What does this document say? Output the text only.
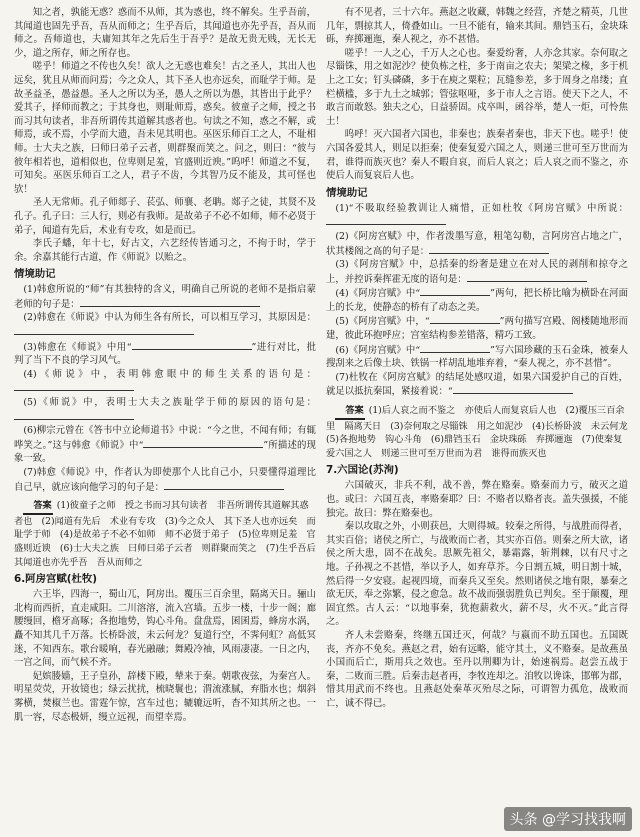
知之者，孰能无惑？惑而不从师，其为惑也，终不解矣。生乎吾前，其闻道也固先乎吾，吾从而师之；生乎吾后，其闻道也亦先乎吾，吾从而师之。吾师道也，夫庸知其年之先后生于吾乎？是故无贵无贱，无长无少，道之所存，师之所存也。

嗟乎！师道之不传也久矣！欲人之无惑也难矣！古之圣人，其出人也远矣，犹且从师而问焉；今之众人，其下圣人也亦远矣，而耻学于师。是故圣益圣，愚益愚。圣人之所以为圣，愚人之所以为愚，其皆出于此乎？爱其子，择师而教之；于其身也，则耻师焉，惑矣。彼童子之师，授之书而习其句读者，非吾所谓传其道解其惑者也。句读之不知，惑之不解，或师焉，或不焉，小学而大遗，吾未见其明也。巫医乐师百工之人，不耻相师。士大夫之族，曰师曰弟子云者，则群聚而笑之。问之，则曰：“彼与彼年相若也，道相似也，位卑则足羞，官盛则近谀。”呜呼！师道之不复，可知矣。巫医乐师百工之人，君子不齿，今其智乃反不能及，其可怪也欤！

圣人无常师。孔子师郯子、苌弘、师襄、老聃。郯子之徒，其贤不及孔子。孔子曰：三人行，则必有我师。是故弟子不必不如师，师不必贤于弟子，闻道有先后，术业有专攻，如是而已。

李氏子蟠，年十七，好古文，六艺经传皆通习之，不拘于时，学于余。余嘉其能行古道，作《师说》以贻之。

情境助记

(1)韩愈所说的“师”有其独特的含义，明确自己所说的老师不是指启蒙老师的句子是：

(2)韩愈在《师说》中认为师生各有所长，可以相互学习，其原因是：

(3)韩愈在《师说》中用“	”进行对比，批判了当下不良的学习风气。

(4)《师说》中，表明韩愈眼中的师生关系的语句是：

(5)《师说》中，表明士大夫之族耻学于师的原因的语句是：

(6)柳宗元曾在《答韦中立论师道书》中说：“今之世，不闻有师；有辄哗笑之。”这与韩愈《师说》中“	”所描述的现象一致。

(7)韩愈《师说》中，作者认为即使那个人比自己小，只要懂得道理比自己早，就应该向他学习的句子是：

答案 (1)彼童子之师　授之书而习其句读者　非吾所谓传其道解其惑者也　(2)闻道有先后　术业有专攻　(3)今之众人　其下圣人也亦远矣　而耻学于师　(4)是故弟子不必不如师　师不必贤于弟子　(5)位卑则足羞　官盛则近谀　(6)士大夫之族　曰师曰弟子云者　则群聚而笑之　(7)生乎吾后　其闻道也亦先乎吾　吾从而师之

6.阿房宫赋(杜牧)

六王毕，四海一，蜀山兀，阿房出。覆压三百余里，隔离天日。骊山北构而西折，直走咸阳。二川溶溶，流入宫墙。五步一楼，十步一阁；廊腰缦回，檐牙高啄；各抱地势，钩心斗角。盘盘焉，囷囷焉，蜂房水涡，矗不知其几千万落。长桥卧波，未云何龙？复道行空，不霁何虹？高低冥迷，不知西东。歌台暖响，春光融融；舞殿冷袖，风雨凄凄。一日之内，一宫之间，而气候不齐。

妃嫔媵嫱，王子皇孙，辞楼下殿，辇来于秦。朝歌夜弦，为秦宫人。明星荧荧，开妆镜也；绿云扰扰，梳晓鬟也；渭流涨腻，弃脂水也；烟斜雾横，焚椒兰也。雷霆乍惊，宫车过也；辘辘远听，杳不知其所之也。一肌一容，尽态极妍，缦立远视，而望幸焉。

有不见者，三十六年。燕赵之收藏，韩魏之经营，齐楚之精英，几世几年，剽掠其人，倚叠如山。一旦不能有，输来其间。鼎铛玉石，金块珠砾，弃掷逦迤，秦人视之，亦不甚惜。

嗟乎！一人之心，千万人之心也。秦爱纷奢，人亦念其家。奈何取之尽锱铢，用之如泥沙？使负栋之柱，多于南亩之农夫；架梁之椽，多于机上之工女；钉头磷磷，多于在庾之粟粒；瓦缝参差，多于周身之帛缕；直栏横槛，多于九土之城郭；管弦呕哑，多于市人之言语。使天下之人，不敢言而敢怒。独夫之心，日益骄固。戍卒叫，函谷举，楚人一炬，可怜焦土！

呜呼！灭六国者六国也，非秦也；族秦者秦也，非天下也。嗟乎！使六国各爱其人，则足以拒秦；使秦复爱六国之人，则递三世可至万世而为君，谁得而族灭也？秦人不暇自哀，而后人哀之；后人哀之而不鉴之，亦使后人而复哀后人也。

情境助记

(1)“不吸取经验教训让人痛惜，正如杜牧《阿房宫赋》中所说：

(2)《阿房宫赋》中，作者泼墨写意，粗笔勾勒，言阿房宫占地之广，状其楼阁之高的句子是：

(3)《阿房宫赋》中，总括秦的纷奢是建立在对人民的剥削和掠夺之上，并控诉秦挥霍无度的语句是：

(4)《阿房宫赋》中“	”两句，把长桥比喻为横卧在河面上的长龙，使静态的桥有了动态之美。

(5)《阿房宫赋》中，“	”两句描写宫殿、阁楼随地形而建，彼此环抱呼应；宫室结构参差错落，精巧工致。

(6)《阿房宫赋》中“	”写六国珍藏的玉石金珠，被秦人搜刮来之后像土块、铁锅一样胡乱地堆弃着，“秦人视之，亦不甚惜”。

(7)杜牧在《阿房宫赋》的结尾处感叹道，如果六国爱护自己的百姓，就足以抵抗秦国，紧接着说：“

答案 (1)后人哀之而不鉴之　亦使后人而复哀后人也　(2)覆压三百余里　隔离天日　(3)奈何取之尽锱铢　用之如泥沙　(4)长桥卧波　未云何龙　(5)各抱地势　钩心斗角　(6)鼎铛玉石　金块珠砾　弃掷逦迤　(7)使秦复爱六国之人　则递三世可至万世而为君　谁得而族灭也

7.六国论(苏洵)

六国破灭，非兵不利，战不善，弊在赂秦。赂秦而力亏，破灭之道也。或曰：六国互丧，率赂秦耶？曰：不赂者以赂者丧。盖失强援，不能独完。故曰：弊在赂秦也。

秦以攻取之外，小则获邑，大则得城。较秦之所得，与战胜而得者，其实百倍；诸侯之所亡，与战败而亡者，其实亦百倍。则秦之所大欲，诸侯之所大患，固不在战矣。思厥先祖父，暴霜露，斩荆棘，以有尺寸之地。子孙视之不甚惜，举以予人，如弃草芥。今日割五城，明日割十城，然后得一夕安寝。起视四境，而秦兵又至矣。然则诸侯之地有限，暴秦之欲无厌，奉之弥繁，侵之愈急。故不战而强弱胜负已判矣。至于颠覆，理固宜然。古人云：“以地事秦，犹抱薪救火，薪不尽，火不灭。”此言得之。

齐人未尝赂秦，终继五国迁灭，何哉？与嬴而不助五国也。五国既丧，齐亦不免矣。燕赵之君，始有远略，能守其土，义不赂秦。是故燕虽小国而后亡，斯用兵之效也。至丹以荆卿为计，始速祸焉。赵尝五战于秦，二败而三胜。后秦击赵者再，李牧连却之。洎牧以谗诛，邯郸为郡，惜其用武而不终也。且燕赵处秦革灭殆尽之际，可谓智力孤危，战败而亡，诚不得已。

头条 @学习找我啊
